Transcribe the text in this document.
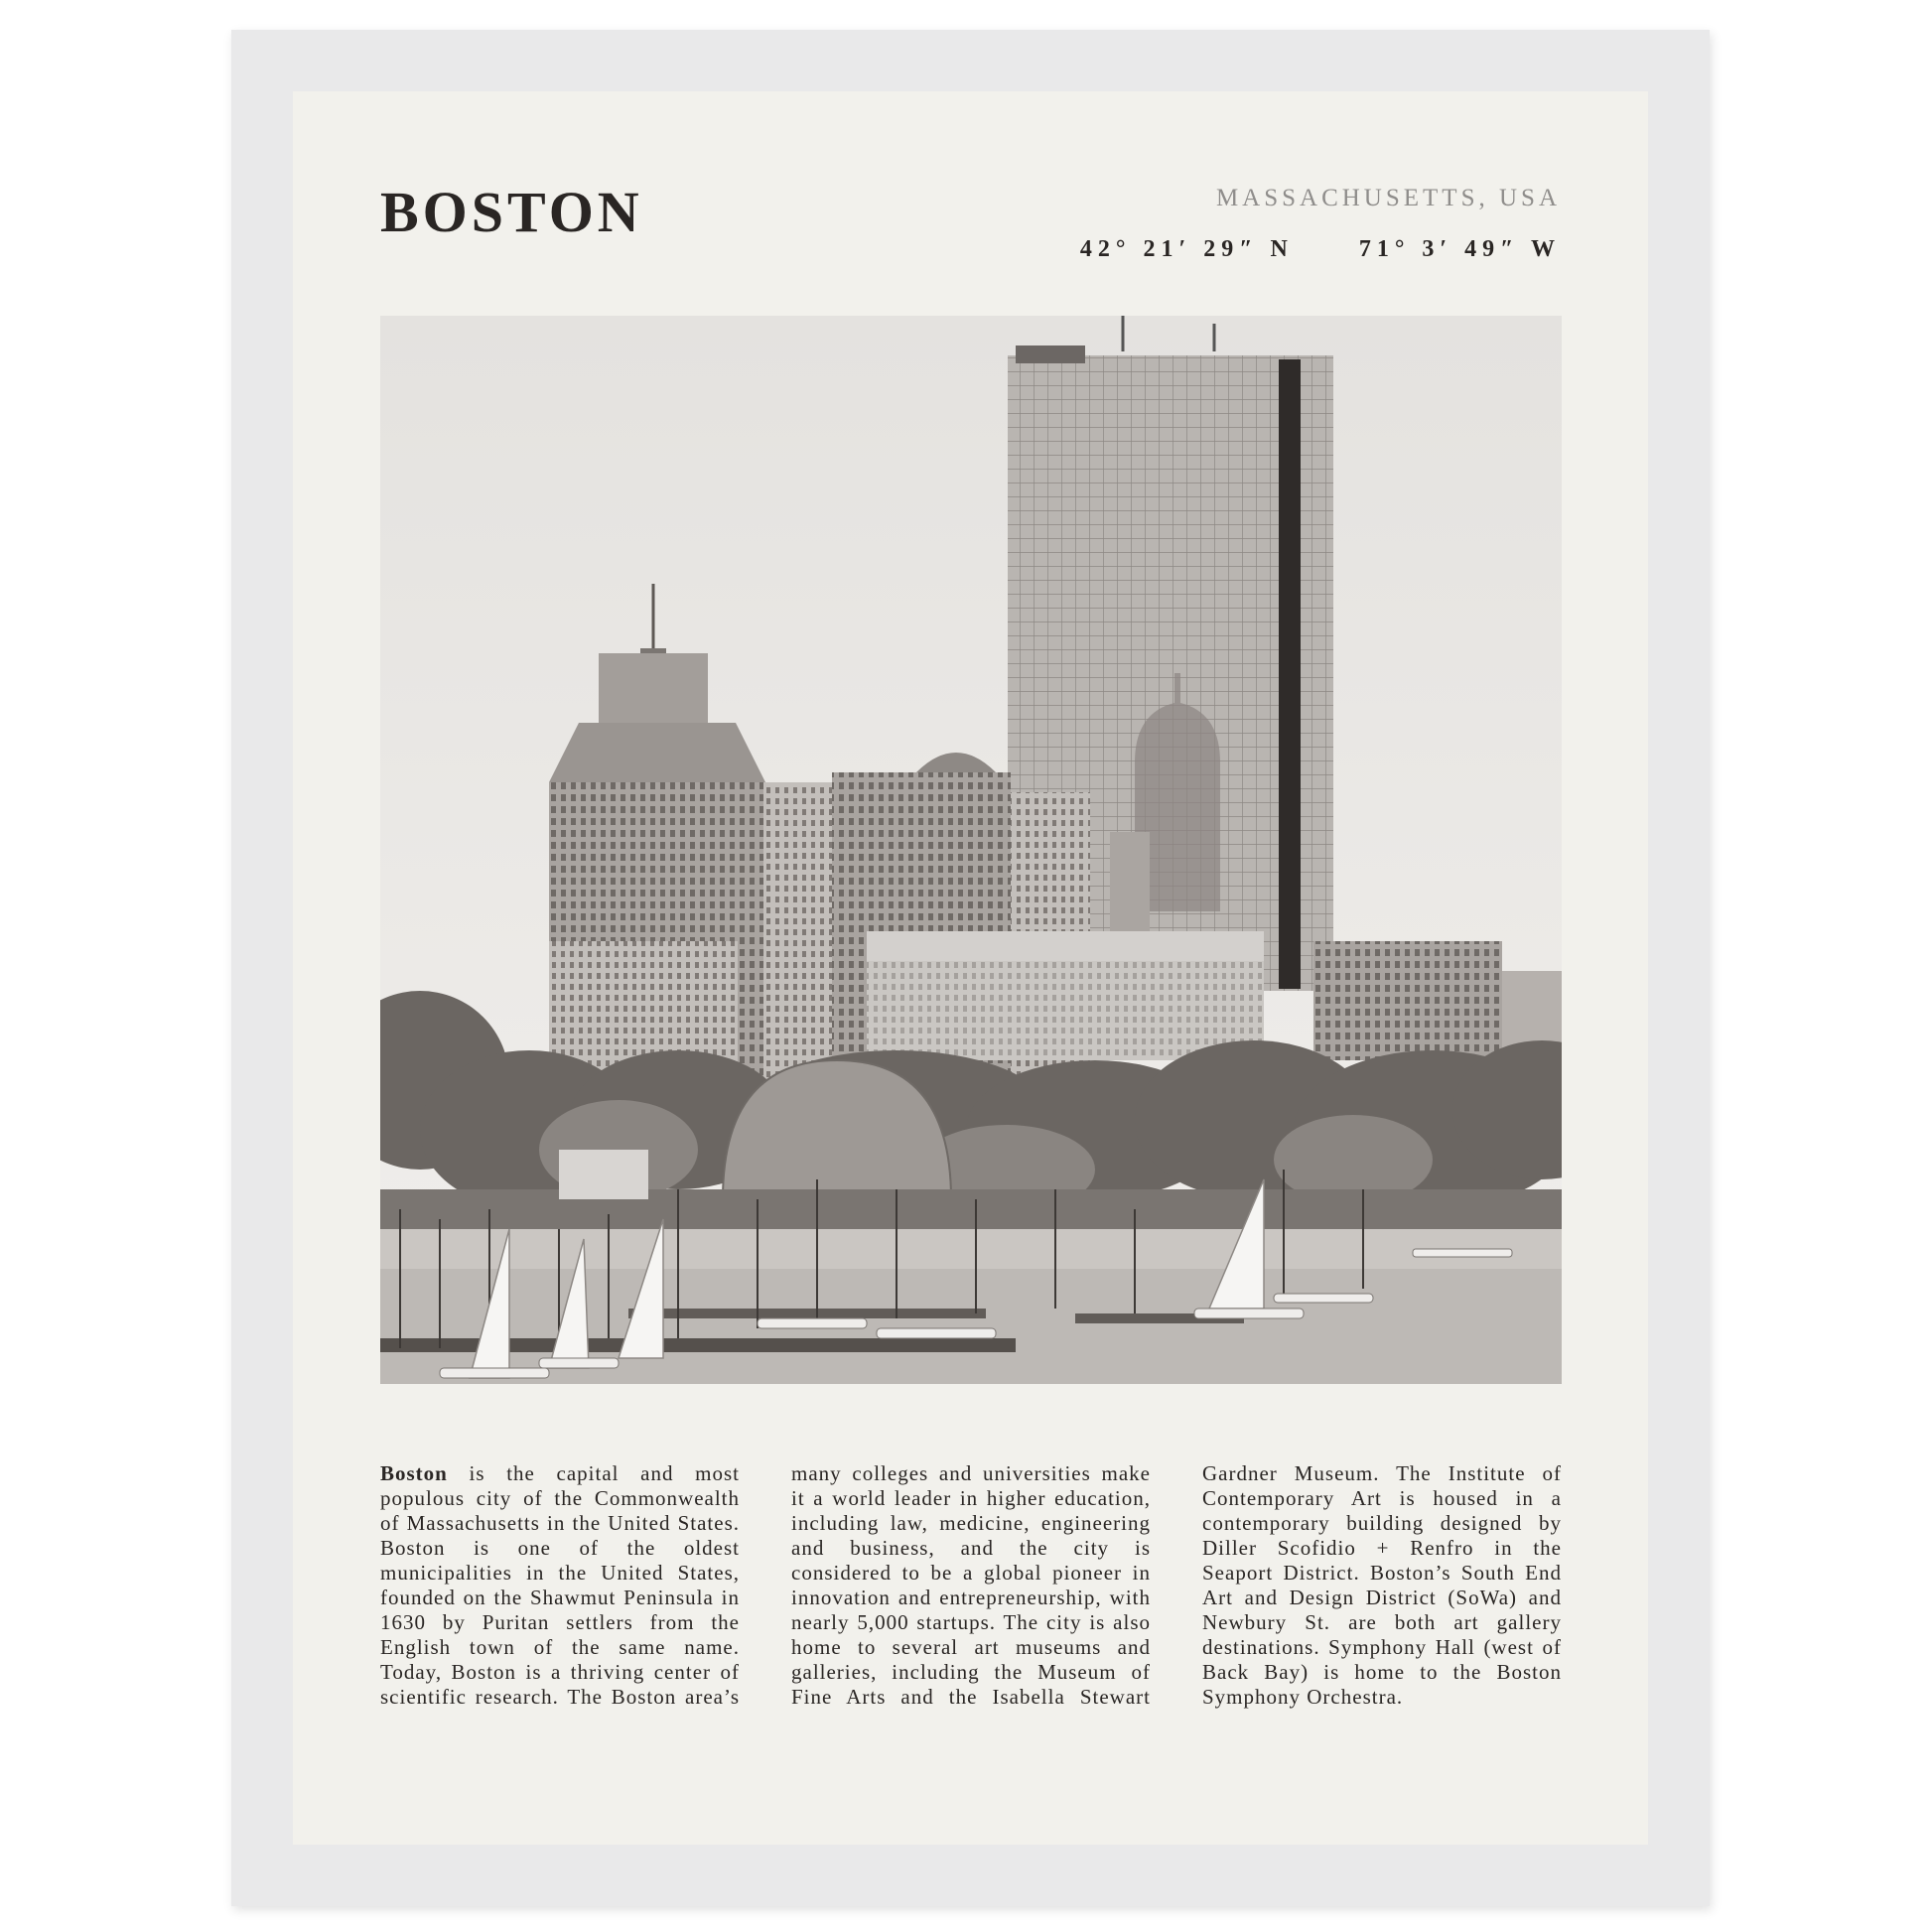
BOSTON	MASSACHUSETTS, USA
42° 21′ 29″ N	71° 3′ 49″ W

Boston is the capital and most populous city of the Commonwealth of Massachusetts in the United States. Boston is one of the oldest municipalities in the United States, founded on the Shawmut Peninsula in 1630 by Puritan settlers from the English town of the same name. Today, Boston is a thriving center of scientific research. The Boston area’s many colleges and universities make it a world leader in higher education, including law, medicine, engineering and business, and the city is considered to be a global pioneer in innovation and entrepreneurship, with nearly 5,000 startups. The city is also home to several art museums and galleries, including the Museum of Fine Arts and the Isabella Stewart Gardner Museum. The Institute of Contemporary Art is housed in a contemporary building designed by Diller Scofidio + Renfro in the Seaport District. Boston’s South End Art and Design District (SoWa) and Newbury St. are both art gallery destinations. Symphony Hall (west of Back Bay) is home to the Boston Symphony Orchestra.
